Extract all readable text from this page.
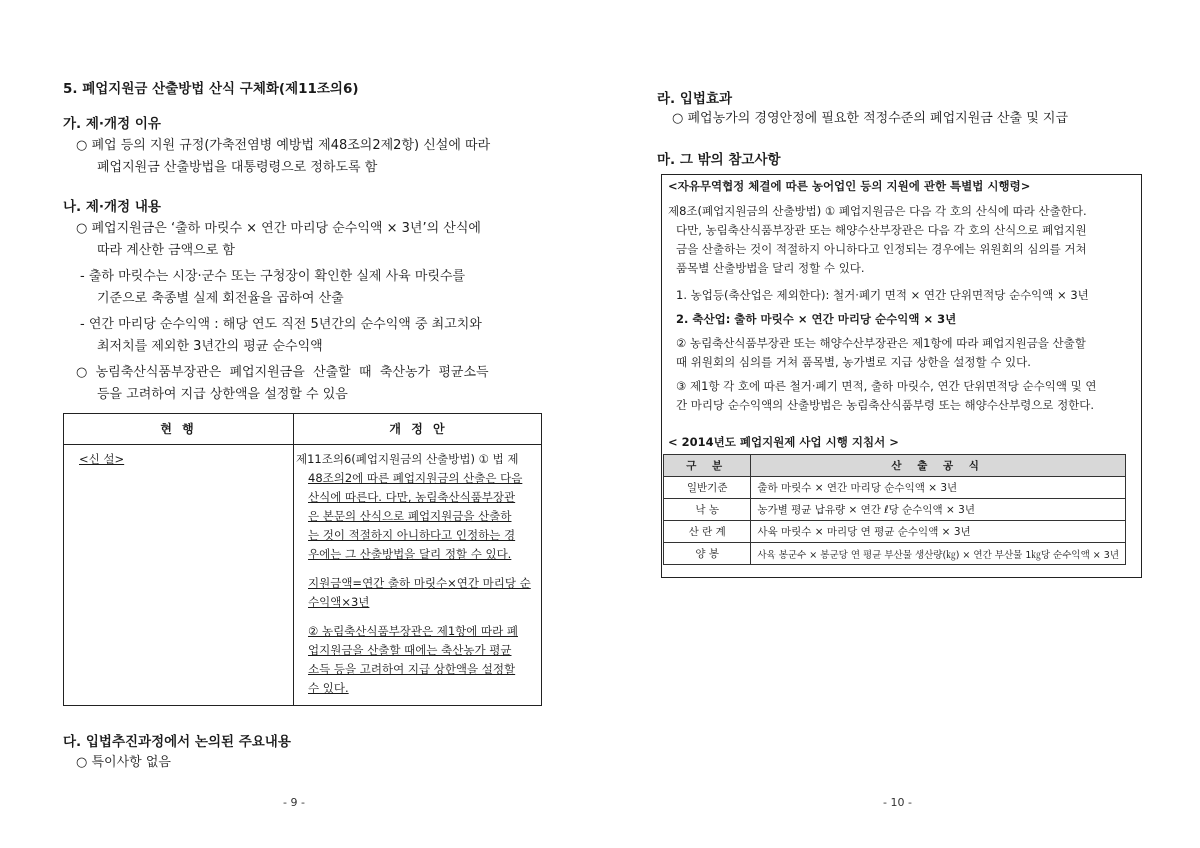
5. 폐업지원금 산출방법 산식 구체화(제11조의6)
가. 제·개정 이유
○ 폐업 등의 지원 규정(가축전염병 예방법 제48조의2제2항) 신설에 따라
폐업지원금 산출방법을 대통령령으로 정하도록 함
나. 제·개정 내용
○ 폐업지원금은 ‘출하 마릿수 × 연간 마리당 순수익액 × 3년’의 산식에
따라 계산한 금액으로 함
- 출하 마릿수는 시장·군수 또는 구청장이 확인한 실제 사육 마릿수를
기준으로 축종별 실제 회전율을 곱하여 산출
- 연간 마리당 순수익액 : 해당 연도 직전 5년간의 순수익액 중 최고치와
최저치를 제외한 3년간의 평균 순수익액
○  농림축산식품부장관은  폐업지원금을  산출할  때  축산농가  평균소득
등을 고려하여 지급 상한액을 설정할 수 있음
현 행	개 정 안
<신 설>	제11조의6(폐업지원금의 산출방법) ① 법 제
48조의2에 따른 폐업지원금의 산출은 다음
산식에 따른다. 다만, 농림축산식품부장관
은 본문의 산식으로 폐업지원금을 산출하
는 것이 적절하지 아니하다고 인정하는 경
우에는 그 산출방법을 달리 정할 수 있다.
지원금액=연간 출하 마릿수×연간 마리당 순
수익액×3년
② 농림축산식품부장관은 제1항에 따라 폐
업지원금을 산출할 때에는 축산농가 평균
소득 등을 고려하여 지급 상한액을 설정할
수 있다.
다. 입법추진과정에서 논의된 주요내용
○ 특이사항 없음
- 9 -
라. 입법효과
○ 폐업농가의 경영안정에 필요한 적정수준의 폐업지원금 산출 및 지급
마. 그 밖의 참고사항
<자유무역협정 체결에 따른 농어업인 등의 지원에 관한 특별법 시행령>
제8조(폐업지원금의 산출방법) ① 폐업지원금은 다음 각 호의 산식에 따라 산출한다.
다만, 농림축산식품부장관 또는 해양수산부장관은 다음 각 호의 산식으로 폐업지원
금을 산출하는 것이 적절하지 아니하다고 인정되는 경우에는 위원회의 심의를 거쳐
품목별 산출방법을 달리 정할 수 있다.
1. 농업등(축산업은 제외한다): 철거·폐기 면적 × 연간 단위면적당 순수익액 × 3년
2. 축산업: 출하 마릿수 × 연간 마리당 순수익액 × 3년
② 농림축산식품부장관 또는 해양수산부장관은 제1항에 따라 폐업지원금을 산출할
때 위원회의 심의를 거쳐 품목별, 농가별로 지급 상한을 설정할 수 있다.
③ 제1항 각 호에 따른 철거·폐기 면적, 출하 마릿수, 연간 단위면적당 순수익액 및 연
간 마리당 순수익액의 산출방법은 농림축산식품부령 또는 해양수산부령으로 정한다.
< 2014년도 폐업지원제 사업 시행 지침서 >
구 분	산 출 공 식
일반기준	출하 마릿수 × 연간 마리당 순수익액 × 3년
낙 농	농가별 평균 납유량 × 연간 ℓ당 순수익액 × 3년
산 란 계	사육 마릿수 × 마리당 연 평균 순수익액 × 3년
양 봉	사육 봉군수 × 봉군당 연 평균 부산물 생산량(㎏) × 연간 부산물 1㎏당 순수익액 × 3년
- 10 -
